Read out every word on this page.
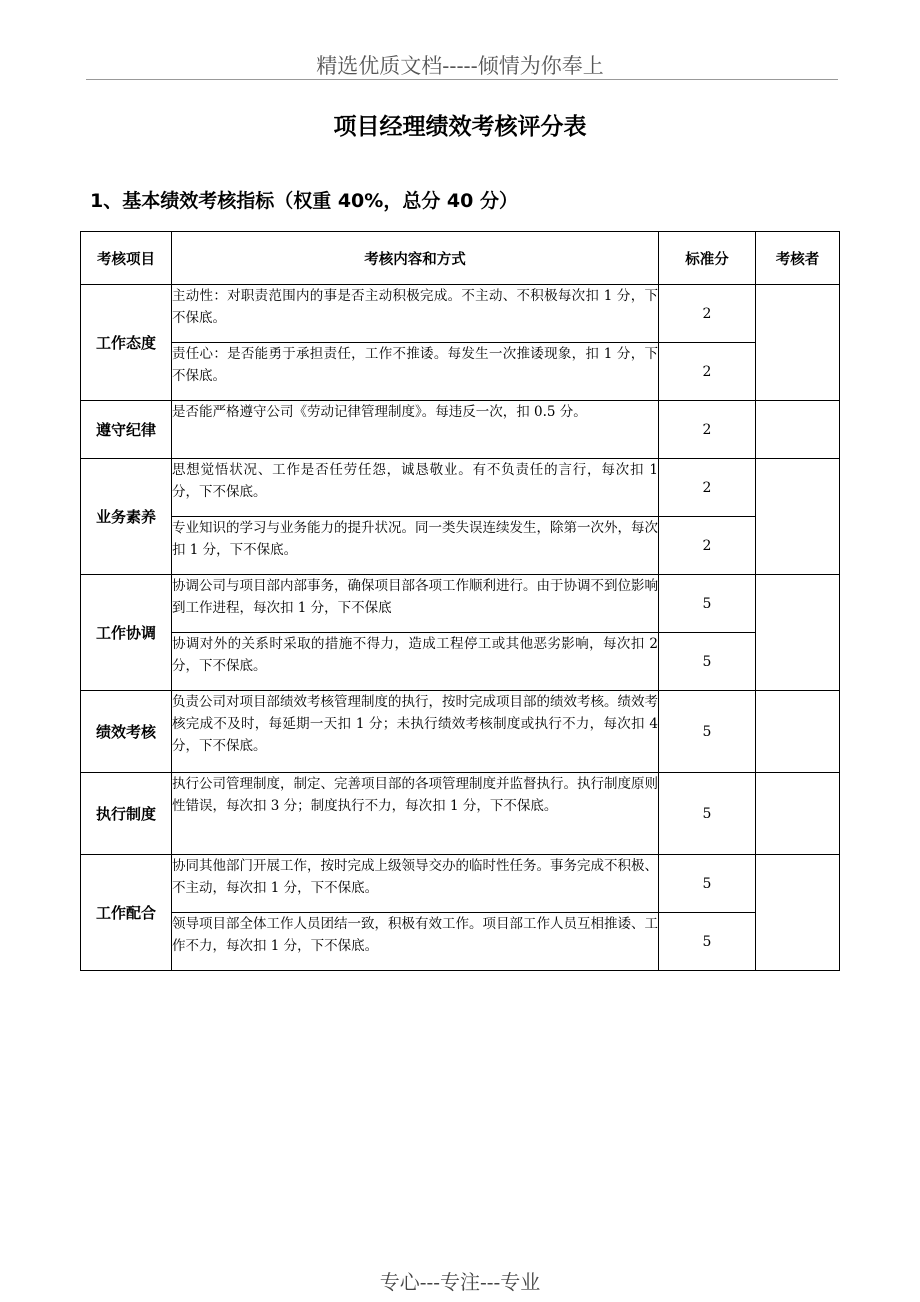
精选优质文档-----倾情为你奉上
项目经理绩效考核评分表
1、基本绩效考核指标（权重 40%，总分 40 分）
考核项目	考核内容和方式	标准分	考核者
工作态度	主动性：对职责范围内的事是否主动积极完成。不主动、不积极每次扣 1 分，下不保底。	2	
	责任心：是否能勇于承担责任，工作不推诿。每发生一次推诿现象，扣 1 分，下不保底。	2	
遵守纪律	是否能严格遵守公司《劳动记律管理制度》。每违反一次，扣 0.5 分。	2	
业务素养	思想觉悟状况、工作是否任劳任怨，诚恳敬业。有不负责任的言行，每次扣 1 分，下不保底。	2	
	专业知识的学习与业务能力的提升状况。同一类失误连续发生，除第一次外，每次扣 1 分，下不保底。	2	
工作协调	协调公司与项目部内部事务，确保项目部各项工作顺利进行。由于协调不到位影响到工作进程，每次扣 1 分，下不保底	5	
	协调对外的关系时采取的措施不得力，造成工程停工或其他恶劣影响，每次扣 2 分，下不保底。	5	
绩效考核	负责公司对项目部绩效考核管理制度的执行，按时完成项目部的绩效考核。绩效考核完成不及时，每延期一天扣 1 分；未执行绩效考核制度或执行不力，每次扣 4 分，下不保底。	5	
执行制度	执行公司管理制度，制定、完善项目部的各项管理制度并监督执行。执行制度原则性错误，每次扣 3 分；制度执行不力，每次扣 1 分，下不保底。	5	
工作配合	协同其他部门开展工作，按时完成上级领导交办的临时性任务。事务完成不积极、不主动，每次扣 1 分，下不保底。	5	
	领导项目部全体工作人员团结一致，积极有效工作。项目部工作人员互相推诿、工作不力，每次扣 1 分，下不保底。	5	
专心---专注---专业
